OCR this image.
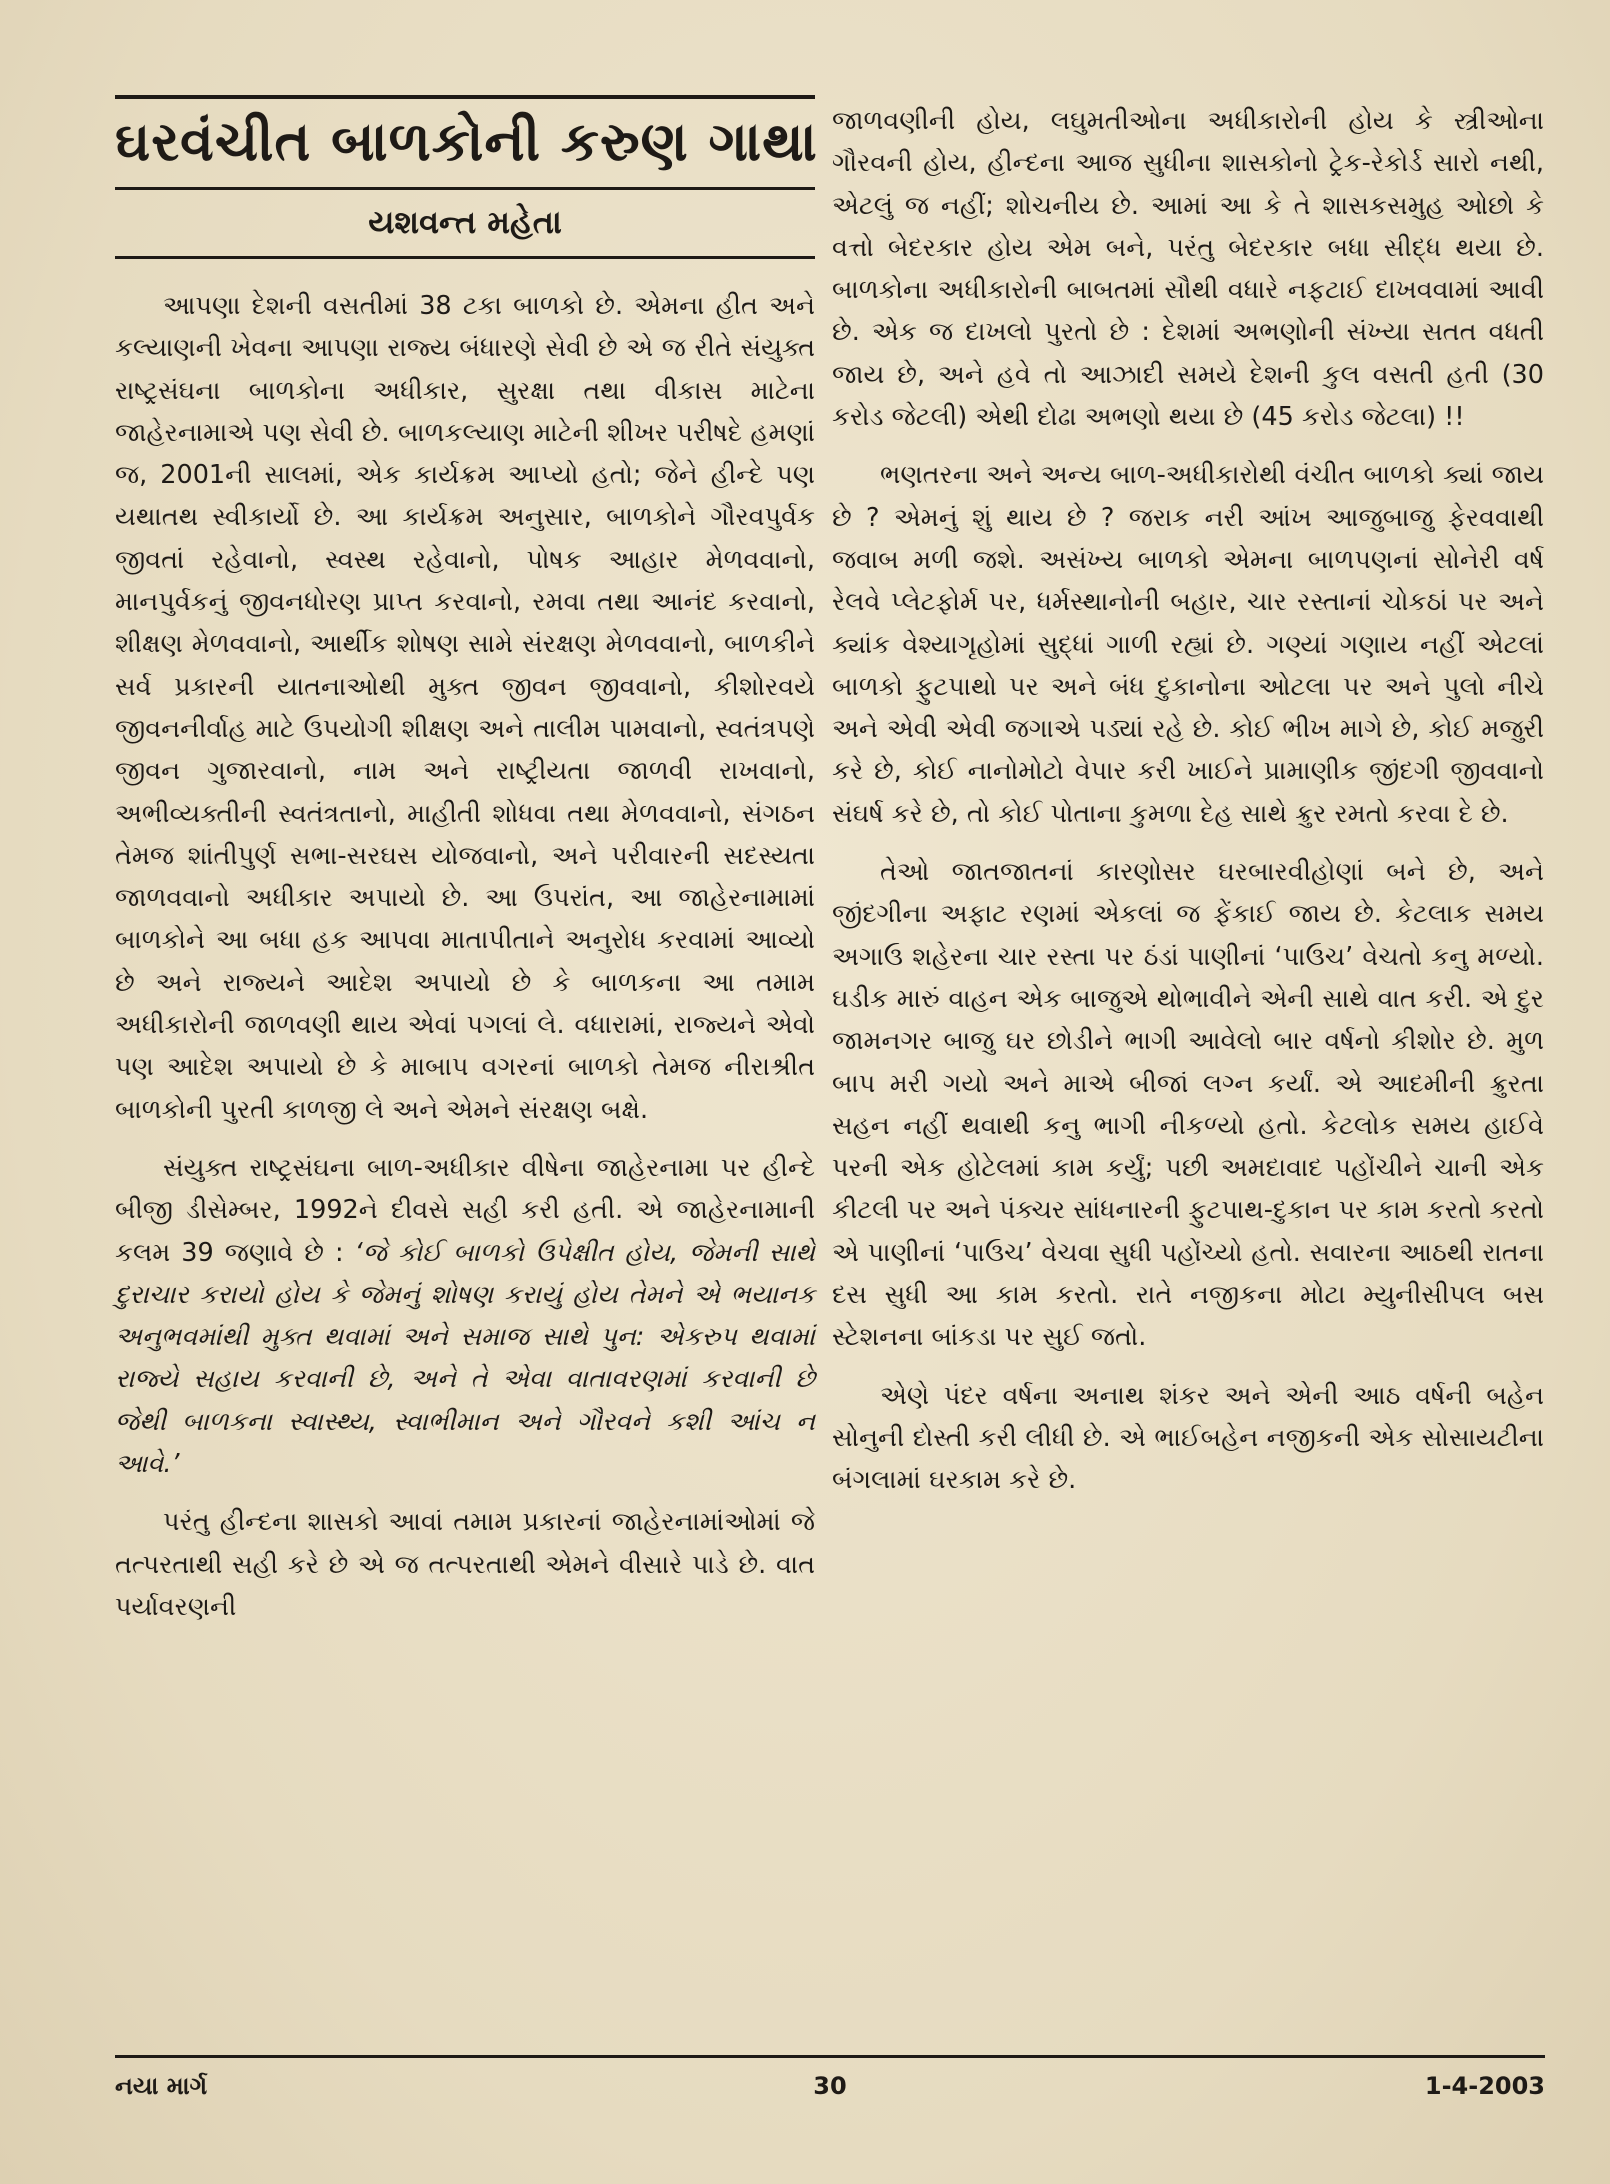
ઘરવંચીત બાળકોની કરુણ ગાથા

યશવન્ત મહેતા

આપણા દેશની વસતીમાં 38 ટકા બાળકો છે. એમના હીત અને કલ્યાણની ખેવના આપણા રાજ્ય બંધારણે સેવી છે એ જ રીતે સંયુક્ત રાષ્ટ્રસંઘના બાળકોના અધીકાર, સુરક્ષા તથા વીકાસ માટેના જાહેરનામાએ પણ સેવી છે. બાળકલ્યાણ માટેની શીખર પરીષદે હમણાં જ, 2001ની સાલમાં, એક કાર્યક્રમ આપ્યો હતો; જેને હીન્દે પણ યથાતથ સ્વીકાર્યો છે. આ કાર્યક્રમ અનુસાર, બાળકોને ગૌરવપુર્વક જીવતાં રહેવાનો, સ્વસ્થ રહેવાનો, પોષક આહાર મેળવવાનો, માનપુર્વકનું જીવનધોરણ પ્રાપ્ત કરવાનો, રમવા તથા આનંદ કરવાનો, શીક્ષણ મેળવવાનો, આર્થીક શોષણ સામે સંરક્ષણ મેળવવાનો, બાળકીને સર્વ પ્રકારની યાતનાઓથી મુક્ત જીવન જીવવાનો, કીશોરવયે જીવનનીર્વાહ માટે ઉપયોગી શીક્ષણ અને તાલીમ પામવાનો, સ્વતંત્રપણે જીવન ગુજારવાનો, નામ અને રાષ્ટ્રીયતા જાળવી રાખવાનો, અભીવ્યક્તીની સ્વતંત્રતાનો, માહીતી શોધવા તથા મેળવવાનો, સંગઠન તેમજ શાંતીપુર્ણ સભા-સરઘસ યોજવાનો, અને પરીવારની સદસ્યતા જાળવવાનો અધીકાર અપાયો છે. આ ઉપરાંત, આ જાહેરનામામાં બાળકોને આ બધા હક આપવા માતાપીતાને અનુરોધ કરવામાં આવ્યો છે અને રાજ્યને આદેશ અપાયો છે કે બાળકના આ તમામ અધીકારોની જાળવણી થાય એવાં પગલાં લે. વધારામાં, રાજ્યને એવો પણ આદેશ અપાયો છે કે માબાપ વગરનાં બાળકો તેમજ નીરાશ્રીત બાળકોની પુરતી કાળજી લે અને એમને સંરક્ષણ બક્ષે.

સંયુક્ત રાષ્ટ્રસંઘના બાળ-અધીકાર વીષેના જાહેરનામા પર હીન્દે બીજી ડીસેમ્બર, 1992ને દીવસે સહી કરી હતી. એ જાહેરનામાની કલમ 39 જણાવે છે : ‘જે કોઈ બાળકો ઉપેક્ષીત હોય, જેમની સાથે દુરાચાર કરાયો હોય કે જેમનું શોષણ કરાયું હોય તેમને એ ભયાનક અનુભવમાંથી મુક્ત થવામાં અને સમાજ સાથે પુન: એકરુપ થવામાં રાજ્યે સહાય કરવાની છે, અને તે એવા વાતાવરણમાં કરવાની છે જેથી બાળકના સ્વાસ્થ્ય, સ્વાભીમાન અને ગૌરવને કશી આંચ ન આવે.’

પરંતુ હીન્દના શાસકો આવાં તમામ પ્રકારનાં જાહેરનામાંઓમાં જે તત્પરતાથી સહી કરે છે એ જ તત્પરતાથી એમને વીસારે પાડે છે. વાત પર્યાવરણની

જાળવણીની હોય, લઘુમતીઓના અધીકારોની હોય કે સ્ત્રીઓના ગૌરવની હોય, હીન્દના આજ સુધીના શાસકોનો ટ્રેક-રેકોર્ડ સારો નથી, એટલું જ નહીં; શોચનીય છે. આમાં આ કે તે શાસકસમુહ ઓછો કે વત્તો બેદરકાર હોય એમ બને, પરંતુ બેદરકાર બધા સીદ્ધ થયા છે. બાળકોના અધીકારોની બાબતમાં સૌથી વધારે નફટાઈ દાખવવામાં આવી છે. એક જ દાખલો પુરતો છે : દેશમાં અભણોની સંખ્યા સતત વધતી જાય છે, અને હવે તો આઝાદી સમયે દેશની કુલ વસતી હતી (30 કરોડ જેટલી) એથી દોઢા અભણો થયા છે (45 કરોડ જેટલા) !!

ભણતરના અને અન્ય બાળ-અધીકારોથી વંચીત બાળકો ક્યાં જાય છે ? એમનું શું થાય છે ? જરાક નરી આંખ આજુબાજુ ફેરવવાથી જવાબ મળી જશે. અસંખ્ય બાળકો એમના બાળપણનાં સોનેરી વર્ષ રેલવે પ્લેટફોર્મ પર, ધર્મસ્થાનોની બહાર, ચાર રસ્તાનાં ચોકઠાં પર અને ક્યાંક વેશ્યાગૃહોમાં સુદ્ધાં ગાળી રહ્યાં છે. ગણ્યાં ગણાય નહીં એટલાં બાળકો ફુટપાથો પર અને બંધ દુકાનોના ઓટલા પર અને પુલો નીચે અને એવી એવી જગાએ પડ્યાં રહે છે. કોઈ ભીખ માગે છે, કોઈ મજુરી કરે છે, કોઈ નાનોમોટો વેપાર કરી ખાઈને પ્રામાણીક જીંદગી જીવવાનો સંઘર્ષ કરે છે, તો કોઈ પોતાના કુમળા દેહ સાથે ક્રુર રમતો કરવા દે છે.

તેઓ જાતજાતનાં કારણોસર ઘરબારવીહોણાં બને છે, અને જીંદગીના અફાટ રણમાં એકલાં જ ફેંકાઈ જાય છે. કેટલાક સમય અગાઉ શહેરના ચાર રસ્તા પર ઠંડાં પાણીનાં ‘પાઉચ’ વેચતો કનુ મળ્યો. ઘડીક મારું વાહન એક બાજુએ થોભાવીને એની સાથે વાત કરી. એ દુર જામનગર બાજુ ઘર છોડીને ભાગી આવેલો બાર વર્ષનો કીશોર છે. મુળ બાપ મરી ગયો અને માએ બીજાં લગ્ન કર્યાં. એ આદમીની ક્રુરતા સહન નહીં થવાથી કનુ ભાગી નીકળ્યો હતો. કેટલોક સમય હાઈવે પરની એક હોટેલમાં કામ કર્યું; પછી અમદાવાદ પહોંચીને ચાની એક કીટલી પર અને પંક્ચર સાંધનારની ફુટપાથ-દુકાન પર કામ કરતો કરતો એ પાણીનાં ‘પાઉચ’ વેચવા સુધી પહોંચ્યો હતો. સવારના આઠથી રાતના દસ સુધી આ કામ કરતો. રાતે નજીકના મોટા મ્યુનીસીપલ બસ સ્ટેશનના બાંકડા પર સુઈ જતો.

એણે પંદર વર્ષના અનાથ શંકર અને એની આઠ વર્ષની બહેન સોનુની દોસ્તી કરી લીધી છે. એ ભાઈબહેન નજીકની એક સોસાયટીના બંગલામાં ઘરકામ કરે છે.

નયા માર્ગ	30	1-4-2003
